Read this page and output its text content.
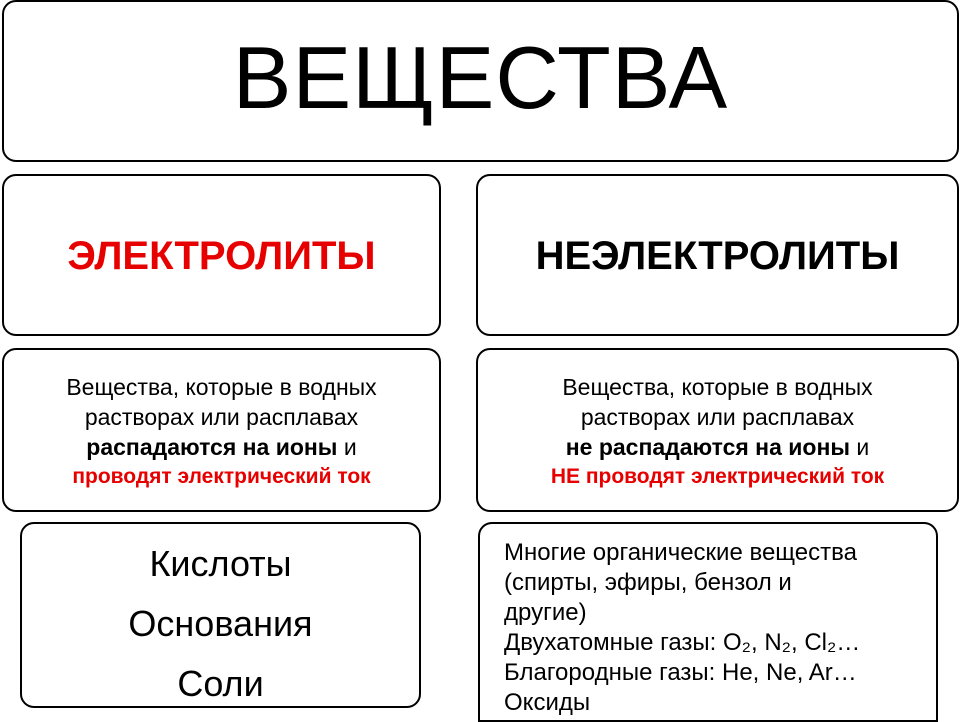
ВЕЩЕСТВА
ЭЛЕКТРОЛИТЫ	НЕЭЛЕКТРОЛИТЫ
Вещества, которые в водных
растворах или расплавах
распадаются на ионы и
проводят электрический ток
Вещества, которые в водных
растворах или расплавах
не распадаются на ионы и
НЕ проводят электрический ток
Кислоты
Основания
Соли
Многие органические вещества
(спирты, эфиры, бензол и
другие)
Двухатомные газы: O₂, N₂, Cl₂…
Благородные газы: He, Ne, Ar…
Оксиды
